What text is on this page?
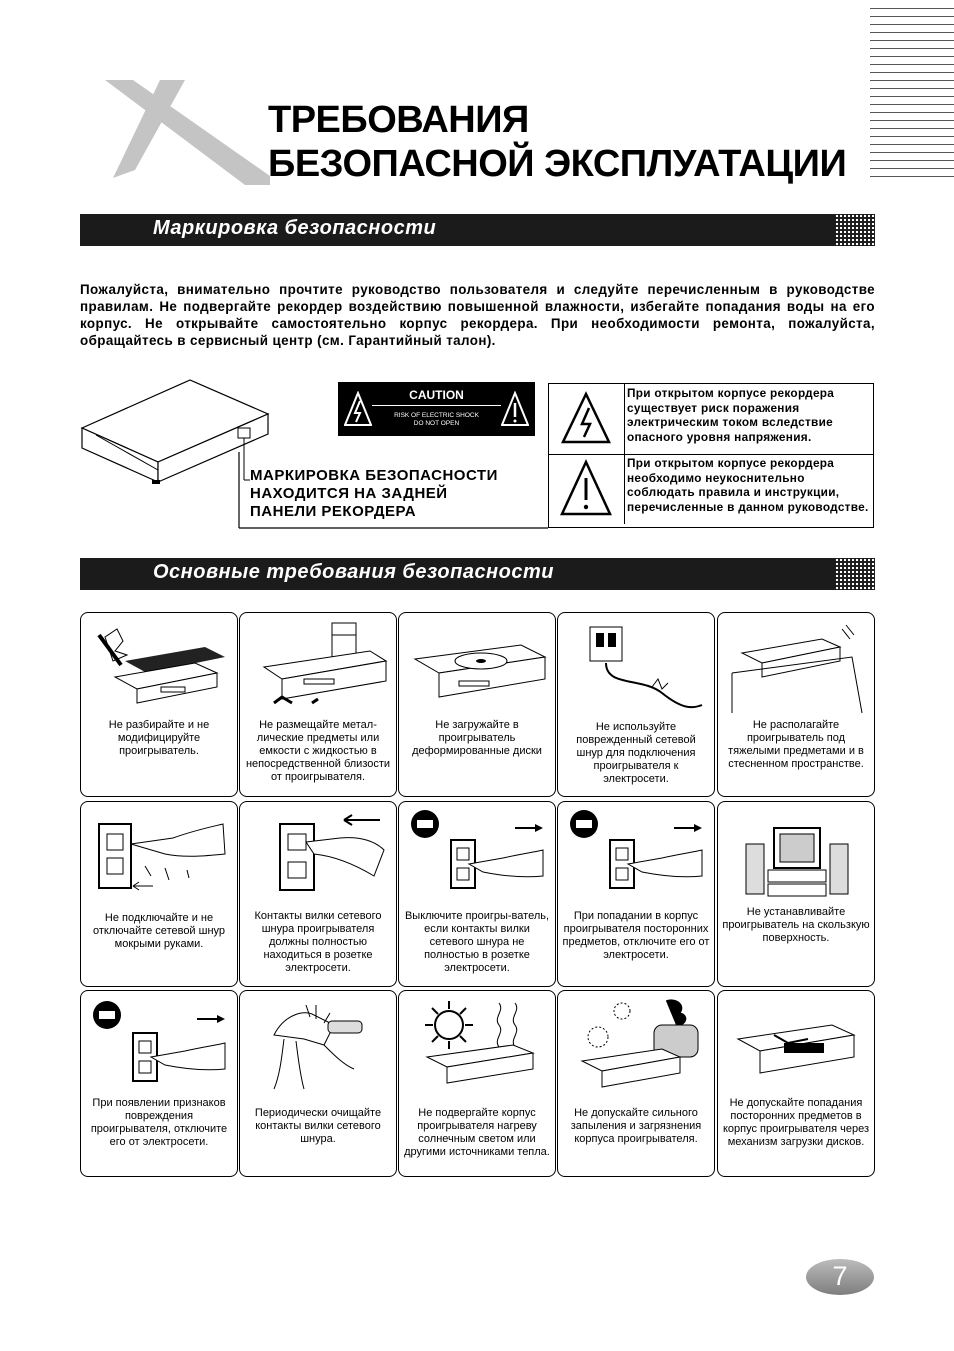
ТРЕБОВАНИЯ
БЕЗОПАСНОЙ ЭКСПЛУАТАЦИИ
Маркировка безопасности
Пожалуйста, внимательно прочтите руководство пользователя и следуйте перечисленным в руководстве правилам. Не подвергайте рекордер воздействию повышенной влажности, избегайте попадания воды на его корпус. Не открывайте самостоятельно корпус рекордера. При необходимости ремонта, пожалуйста, обращайтесь в сервисный центр (см. Гарантийный талон).
CAUTION
RISK OF ELECTRIC SHOCK
DO NOT OPEN
МАРКИРОВКА БЕЗОПАСНОСТИ
НАХОДИТСЯ НА ЗАДНЕЙ
ПАНЕЛИ РЕКОРДЕРА
При открытом корпусе рекордера существует риск поражения электрическим током вследствие опасного уровня напряжения.
При открытом корпусе рекордера необходимо неукоснительно соблюдать правила и инструкции, перечисленные в данном руководстве.
Основные требования безопасности
Не разбирайте и не модифицируйте проигрыватель.
Не размещайте метал-лические предметы или емкости с жидкостью в непосредственной близости от проигрывателя.
Не загружайте в проигрыватель деформированные диски
Не используйте поврежденный сетевой шнур для подключения проигрывателя к электросети.
Не располагайте проигрыватель под тяжелыми предметами и в стесненном пространстве.
Не подключайте и не отключайте сетевой шнур мокрыми руками.
Контакты вилки сетевого шнура проигрывателя должны полностью находиться в розетке электросети.
Выключите проигры-ватель, если контакты вилки сетевого шнура не полностью в розетке электросети.
При попадании в корпус проигрывателя посторонних предметов, отключите его от электросети.
Не устанавливайте проигрыватель на скользкую поверхность.
При появлении признаков повреждения проигрывателя, отключите его от электросети.
Периодически очищайте контакты вилки сетевого шнура.
Не подвергайте корпус проигрывателя нагреву солнечным светом или другими источниками тепла.
Не допускайте сильного запыления и загрязнения корпуса проигрывателя.
Не допускайте попадания посторонних предметов в корпус проигрывателя через механизм загрузки дисков.
7
